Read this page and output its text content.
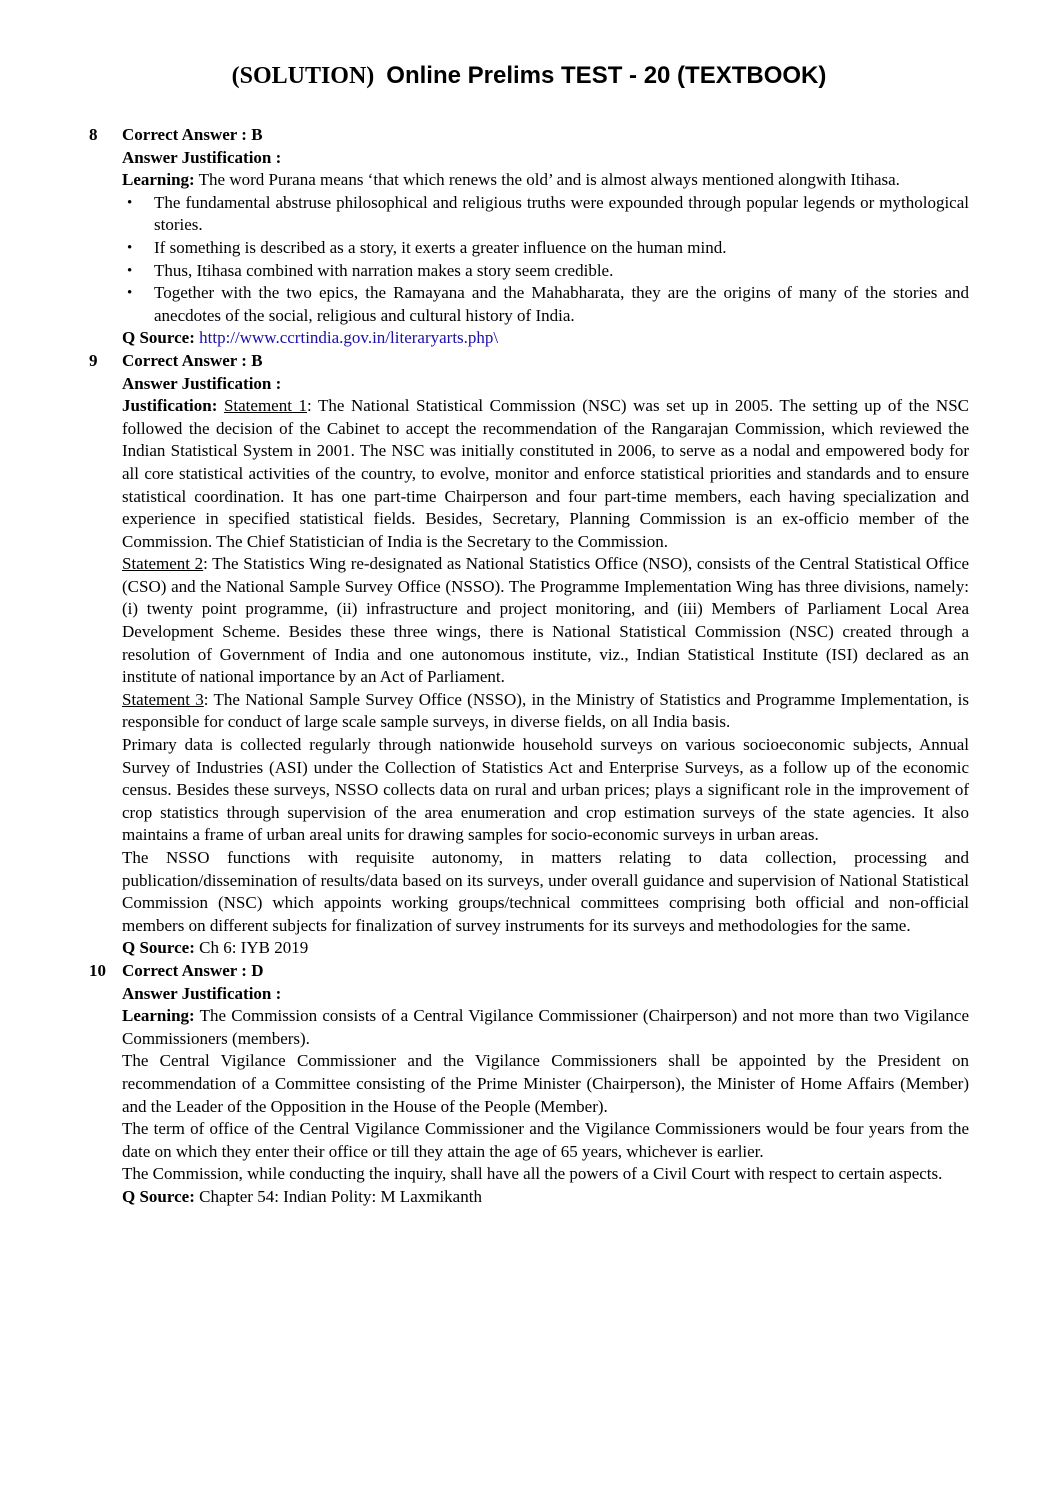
(SOLUTION) Online Prelims TEST - 20 (TEXTBOOK)
8	Correct Answer : B

Answer Justification :

Learning: The word Purana means ‘that which renews the old’ and is almost always mentioned alongwith Itihasa.

• The fundamental abstruse philosophical and religious truths were expounded through popular legends or mythological stories.
• If something is described as a story, it exerts a greater influence on the human mind.
• Thus, Itihasa combined with narration makes a story seem credible.
• Together with the two epics, the Ramayana and the Mahabharata, they are the origins of many of the stories and anecdotes of the social, religious and cultural history of India.

Q Source: http://www.ccrtindia.gov.in/literaryarts.php\

9	Correct Answer : B

Answer Justification :

Justification: Statement 1: The National Statistical Commission (NSC) was set up in 2005. The setting up of the NSC followed the decision of the Cabinet to accept the recommendation of the Rangarajan Commission, which reviewed the Indian Statistical System in 2001. The NSC was initially constituted in 2006, to serve as a nodal and empowered body for all core statistical activities of the country, to evolve, monitor and enforce statistical priorities and standards and to ensure statistical coordination. It has one part-time Chairperson and four part-time members, each having specialization and experience in specified statistical fields. Besides, Secretary, Planning Commission is an ex-officio member of the Commission. The Chief Statistician of India is the Secretary to the Commission.

Statement 2: The Statistics Wing re-designated as National Statistics Office (NSO), consists of the Central Statistical Office (CSO) and the National Sample Survey Office (NSSO). The Programme Implementation Wing has three divisions, namely: (i) twenty point programme, (ii) infrastructure and project monitoring, and (iii) Members of Parliament Local Area Development Scheme. Besides these three wings, there is National Statistical Commission (NSC) created through a resolution of Government of India and one autonomous institute, viz., Indian Statistical Institute (ISI) declared as an institute of national importance by an Act of Parliament.

Statement 3: The National Sample Survey Office (NSSO), in the Ministry of Statistics and Programme Implementation, is responsible for conduct of large scale sample surveys, in diverse fields, on all India basis.

Primary data is collected regularly through nationwide household surveys on various socioeconomic subjects, Annual Survey of Industries (ASI) under the Collection of Statistics Act and Enterprise Surveys, as a follow up of the economic census. Besides these surveys, NSSO collects data on rural and urban prices; plays a significant role in the improvement of crop statistics through supervision of the area enumeration and crop estimation surveys of the state agencies. It also maintains a frame of urban areal units for drawing samples for socio-economic surveys in urban areas.

The NSSO functions with requisite autonomy, in matters relating to data collection, processing and publication/dissemination of results/data based on its surveys, under overall guidance and supervision of National Statistical Commission (NSC) which appoints working groups/technical committees comprising both official and non-official members on different subjects for finalization of survey instruments for its surveys and methodologies for the same.

Q Source: Ch 6: IYB 2019

10 Correct Answer : D

Answer Justification :

Learning: The Commission consists of a Central Vigilance Commissioner (Chairperson) and not more than two Vigilance Commissioners (members).

The Central Vigilance Commissioner and the Vigilance Commissioners shall be appointed by the President on recommendation of a Committee consisting of the Prime Minister (Chairperson), the Minister of Home Affairs (Member) and the Leader of the Opposition in the House of the People (Member).

The term of office of the Central Vigilance Commissioner and the Vigilance Commissioners would be four years from the date on which they enter their office or till they attain the age of 65 years, whichever is earlier.

The Commission, while conducting the inquiry, shall have all the powers of a Civil Court with respect to certain aspects.

Q Source: Chapter 54: Indian Polity: M Laxmikanth
